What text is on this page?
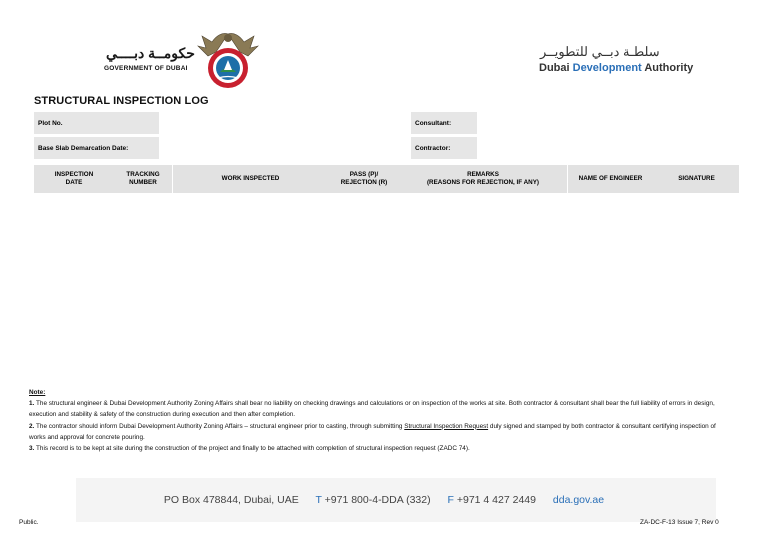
حكومــة دبــــي
GOVERNMENT OF DUBAI
سلطـة دبــي للتطويــر
Dubai Development Authority
STRUCTURAL INSPECTION LOG
Plot No.
Base Slab Demarcation Date:
Consultant:
Contractor:
INSPECTION
DATE
TRACKING
NUMBER
WORK INSPECTED
PASS (P)/
REJECTION (R)
REMARKS
(REASONS FOR REJECTION, IF ANY)
NAME OF ENGINEER	SIGNATURE
Note:
1. The structural engineer & Dubai Development Authority Zoning Affairs shall bear no liability on checking drawings and calculations or on inspection of the works at site. Both contractor & consultant shall bear the full liability of errors in design, execution and stability & safety of the construction during execution and then after completion.
2. The contractor should inform Dubai Development Authority Zoning Affairs – structural engineer prior to casting, through submitting Structural Inspection Request duly signed and stamped by both contractor & consultant certifying inspection of works and approval for concrete pouring.
3. This record is to be kept at site during the construction of the project and finally to be attached with completion of structural inspection request (ZADC 74).
PO Box 478844, Dubai, UAE T +971 800-4-DDA (332) F +971 4 427 2449 dda.gov.ae
Public.	ZA-DC-F-13 Issue 7, Rev 0
